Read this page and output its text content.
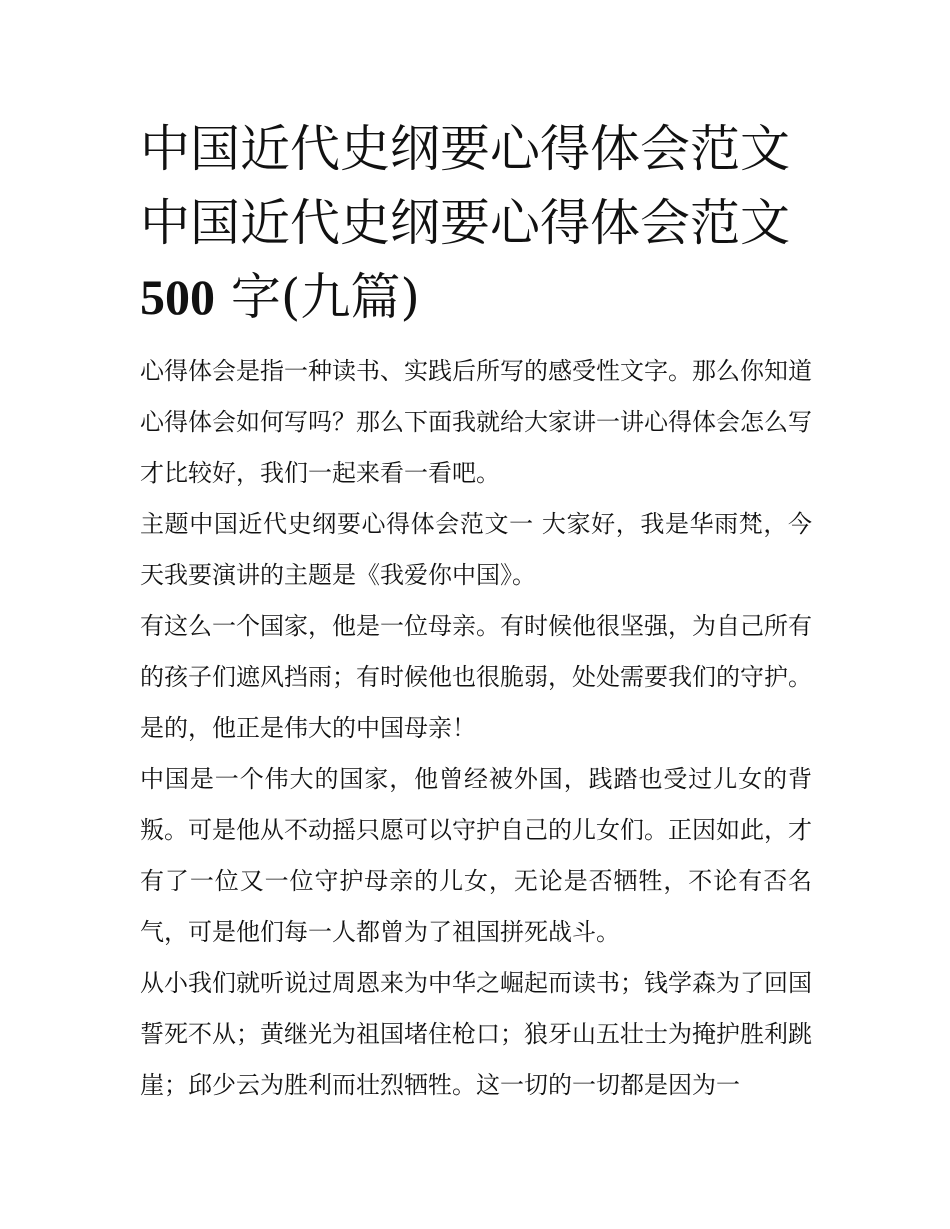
中国近代史纲要心得体会范文
中国近代史纲要心得体会范文
500 字(九篇)

心得体会是指一种读书、实践后所写的感受性文字。那么你知道心得体会如何写吗？那么下面我就给大家讲一讲心得体会怎么写才比较好，我们一起来看一看吧。

主题中国近代史纲要心得体会范文一 大家好，我是华雨梵，今天我要演讲的主题是《我爱你中国》。

有这么一个国家，他是一位母亲。有时候他很坚强，为自己所有的孩子们遮风挡雨；有时候他也很脆弱，处处需要我们的守护。是的，他正是伟大的中国母亲！

中国是一个伟大的国家，他曾经被外国，践踏也受过儿女的背叛。可是他从不动摇只愿可以守护自己的儿女们。正因如此，才有了一位又一位守护母亲的儿女，无论是否牺牲，不论有否名气，可是他们每一人都曾为了祖国拼死战斗。

从小我们就听说过周恩来为中华之崛起而读书；钱学森为了回国誓死不从；黄继光为祖国堵住枪口；狼牙山五壮士为掩护胜利跳崖；邱少云为胜利而壮烈牺牲。这一切的一切都是因为一
